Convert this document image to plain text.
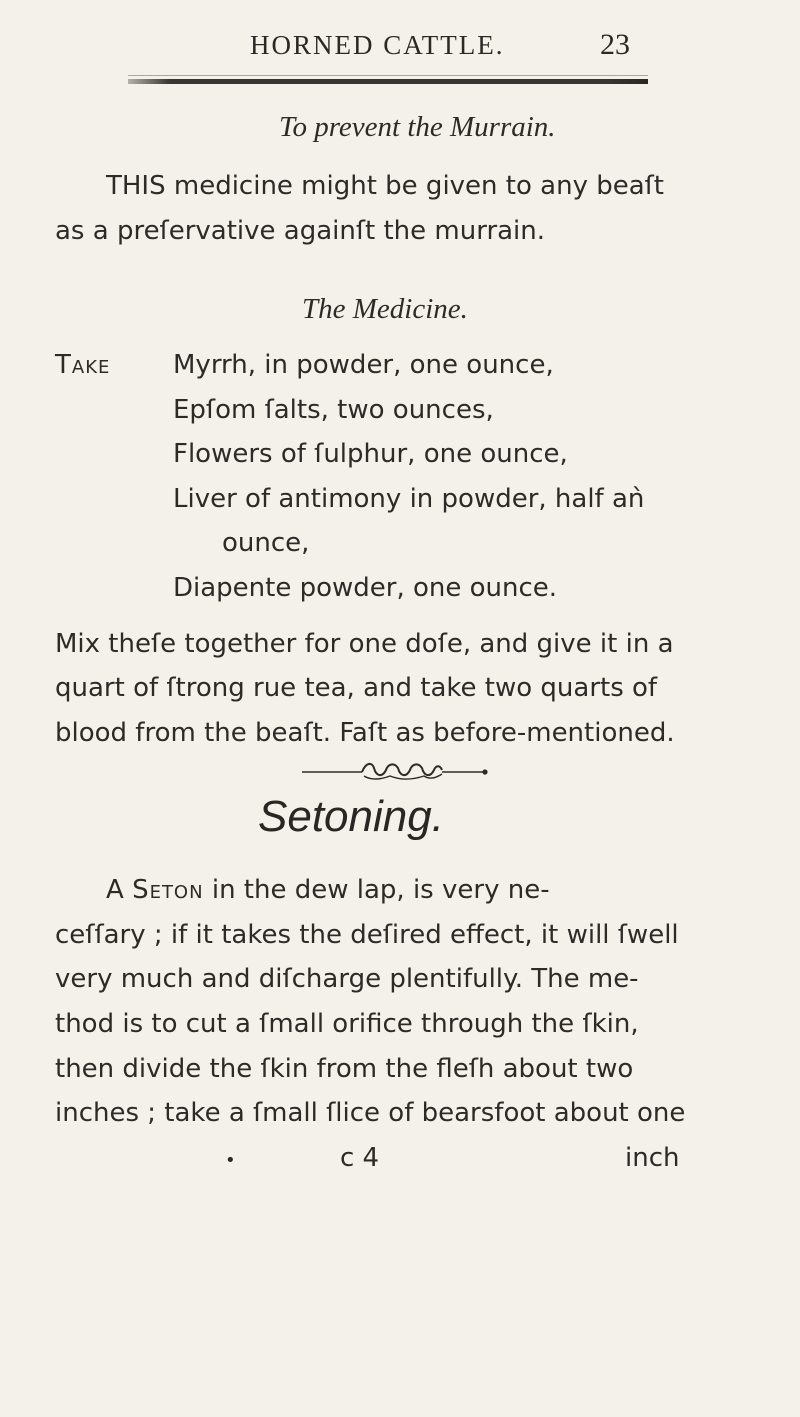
HORNED CATTLE.	23
To prevent the Murrain.
THIS medicine might be given to any beaſt
as a preſervative againſt the murrain.
The Medicine.
Take Myrrh, in powder, one ounce,
Epſom ſalts, two ounces,
Flowers of ſulphur, one ounce,
Liver of antimony in powder, half aǹ
ounce,
Diapente powder, one ounce.
Mix theſe together for one doſe, and give it in a
quart of ſtrong rue tea, and take two quarts of
blood from the beaſt. Faſt as before-mentioned.
Setoning.
A Seton in the dew lap, is very ne-
ceſſary ; if it takes the deſired effect, it will ſwell
very much and diſcharge plentifully. The me-
thod is to cut a ſmall orifice through the ſkin,
then divide the ſkin from the fleſh about two
inches ; take a ſmall ſlice of bearsfoot about one
•	c 4	inch
